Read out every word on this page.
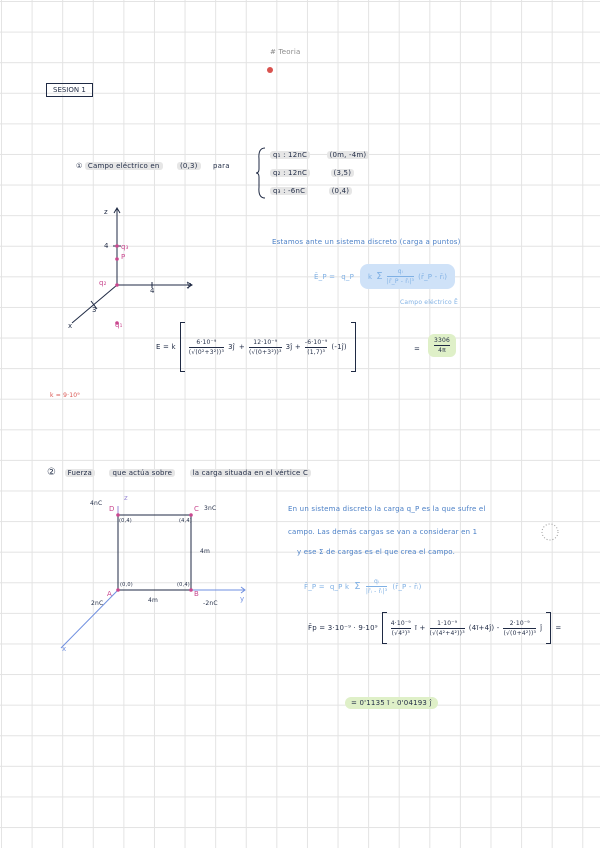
# Teoria
SESION 1
① Campo eléctrico en	(0,3) para
q₁ : 12nC	(0m, -4m)
q₂ : 12nC	(3,5)
q₃ : -6nC	(0,4)
z
y
x
4
4
3
q₃
P
q₂
q₁
Estamos ante un sistema discreto (carga a puntos)
Ē_P = q_P k Σ $\frac{\text{qᵢ}}{\text{|r̄\_P - r̄ᵢ|³}}$ (r̄_P - r̄ᵢ)
Campo eléctrico Ē
E = k $\frac{\text{6·10⁻⁹}}{\text{(√(0²+3²))³}}$ 3ĵ + $\frac{\text{12·10⁻⁹}}{\text{(√(0+3²))³}}$ 3ĵ + $\frac{\text{-6·10⁻⁹}}{\text{(1,7)³}}$ (-1ĵ)	= $\frac{3306}{4\pi}$
k = 9·10⁹
② Fuerza	que actúa sobre	la carga situada en el vértice C
z
y
x
D	C
A	B
4nC
3nC
2nC	-2nC
(0,4)	(4,4)
(0,0)	(0,4)
4m
4m
En un sistema discreto la carga q_P es la que sufre el
campo. Las demás cargas se van a considerar en 1
y ese Σ de cargas es el que crea el campo.
F̄_P = q_P k Σ $\frac{\text{qᵢ}}{\text{|r̄ᵢ - r̄ᵢ|³}}$ (r̄_P - r̄ᵢ)
F̄p = $3\cdot 10^{-9} \cdot 9\cdot 10^9 \frac{\text{4·10⁻⁹}}{\text{(√4²)³}}$ ī + $\frac{\text{1·10⁻⁹}}{\text{(√(4²+4²))³}}$ (4ī+4ĵ) - $\frac{\text{2·10⁻⁹}}{\text{(√(0+4²))³}}$ ĵ =
= 0'1135 ī - 0'04193 ĵ
